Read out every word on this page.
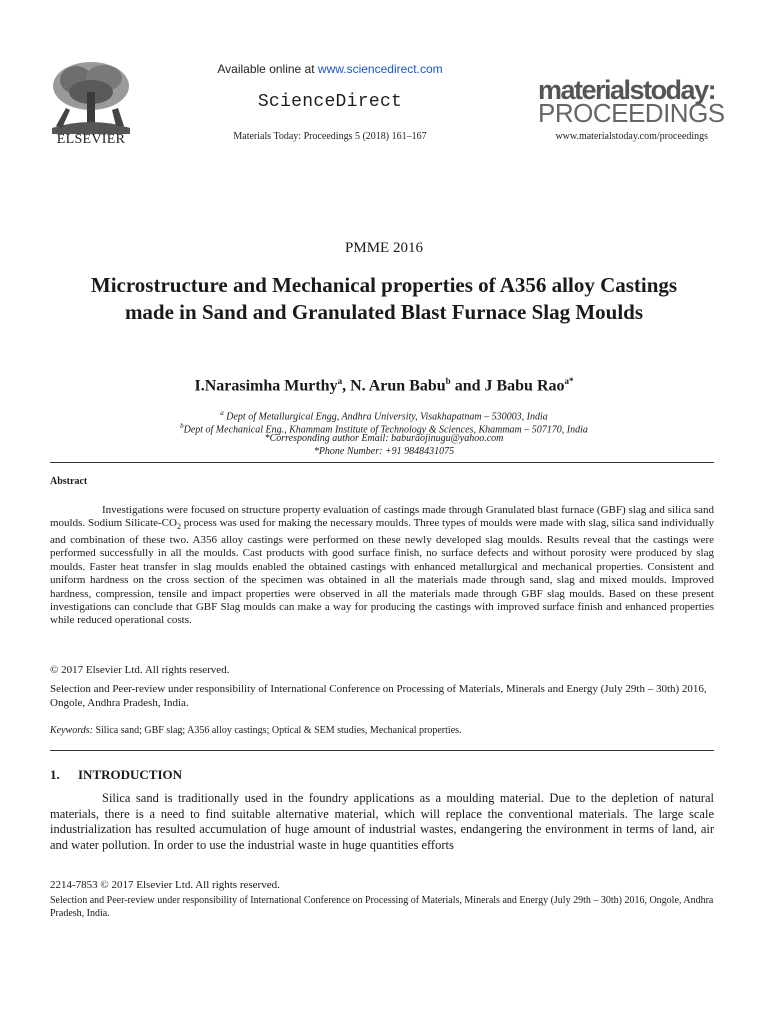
ELSEVIER
Available online at www.sciencedirect.com
ScienceDirect
Materials Today: Proceedings 5 (2018) 161–167
materialstoday:
PROCEEDINGS
www.materialstoday.com/proceedings
PMME 2016
Microstructure and Mechanical properties of A356 alloy Castings made in Sand and Granulated Blast Furnace Slag Moulds
I.Narasimha Murthy$^a$, N. Arun Babu$^b$ and J Babu Rao$^{a*}$
$^a$ Dept of Metallurgical Engg, Andhra University, Visakhapatnam – 530003, India
$^b$Dept of Mechanical Eng., Khammam Institute of Technology & Sciences, Khammam – 507170, India
*Corresponding author Email: baburaojinugu@yahoo.com
*Phone Number: +91 9848431075
Abstract
Investigations were focused on structure property evaluation of castings made through Granulated blast furnace (GBF) slag and silica sand moulds. Sodium Silicate-$CO_2$ process was used for making the necessary moulds. Three types of moulds were made with slag, silica sand individually and combination of these two. A356 alloy castings were performed on these newly developed slag moulds. Results reveal that the castings were performed successfully in all the moulds. Cast products with good surface finish, no surface defects and without porosity were produced by slag moulds. Faster heat transfer in slag moulds enabled the obtained castings with enhanced metallurgical and mechanical properties. Consistent and uniform hardness on the cross section of the specimen was obtained in all the materials made through sand, slag and mixed moulds. Improved hardness, compression, tensile and impact properties were observed in all the materials made through GBF slag moulds. Based on these present investigations can conclude that GBF Slag moulds can make a way for producing the castings with improved surface finish and enhanced properties while reduced operational costs.
© 2017 Elsevier Ltd. All rights reserved.
Selection and Peer-review under responsibility of International Conference on Processing of Materials, Minerals and Energy (July 29th – 30th) 2016, Ongole, Andhra Pradesh, India.
Keywords: Silica sand; GBF slag; A356 alloy castings; Optical & SEM studies, Mechanical properties.
1. INTRODUCTION
Silica sand is traditionally used in the foundry applications as a moulding material. Due to the depletion of natural materials, there is a need to find suitable alternative material, which will replace the conventional materials. The large scale industrialization has resulted accumulation of huge amount of industrial wastes, endangering the environment in terms of land, air and water pollution. In order to use the industrial waste in huge quantities efforts
2214-7853 © 2017 Elsevier Ltd. All rights reserved.
Selection and Peer-review under responsibility of International Conference on Processing of Materials, Minerals and Energy (July 29th – 30th) 2016, Ongole, Andhra Pradesh, India.
